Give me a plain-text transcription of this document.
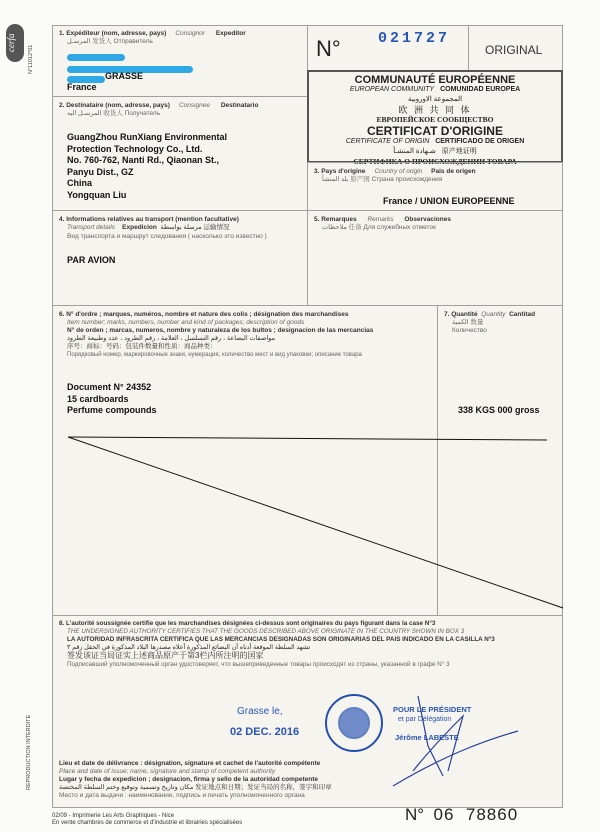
cerfa
N°11012*01
REPRODUCTION INTERDITE
1. Expéditeur (nom, adresse, pays) Consignor Expeditor
المرسـل 发货人 Отправитель
GRASSE
France
2. Destinataire (nom, adresse, pays) Consignee Destinatario
المرسـل اليه 收货人 Получатель
GuangZhou RunXiang Environmental
Protection Technology Co., Ltd.
No. 760-762, Nanti Rd., Qiaonan St.,
Panyu Dist., GZ
China
Yongquan Liu
N° 021727
ORIGINAL
COMMUNAUTÉ EUROPÉENNE
EUROPEAN COMMUNITY COMUNIDAD EUROPEA
المجموعة الاوروبية
欧 洲 共 同 体
ЕВРОПЕЙСКОЕ СООБЩЕСТВО
CERTIFICAT D'ORIGINE
CERTIFICATE OF ORIGIN CERTIFICADO DE ORIGEN
شـهادة المنشـأ 原产地证明
СЕРТИФИКА О ПРОИСХОЖДЕНИИ ТОВАРА
3. Pays d'origine Country of origin Pais de origen
بلد المنشأ 原产国 Страна происхождения
France / UNION EUROPEENNE
4. Informations relatives au transport (mention facultative)
Transport details Expedicion مرسلة بواسطة 运输情况
Вид транспорта и маршрут следования ( насколько это известно )
PAR AVION
5. Remarques Remarks Observaciones
ملاحظات 任备 Для служебных отметок
6. N° d'ordre ; marques, numéros, nombre et nature des colis ; désignation des marchandises
Item number; marks, numbers, number and kind of packages; description of goods
N° de orden ; marcas, numeros, nombre y naturaleza de los bultos ; designacion de las mercancias
مواصفات البضاعة ، رقم التسلسل ، العلامة ، رقم الطرود ، عدد وطبيعة الطرود
序号：商标：号码：包装件数量和性质：商品种类：
Порядковый номер, маркировочные знаки, нумерация, количество мест и вид упаковки; описание товара
Document N° 24352
15 cardboards
Perfume compounds
7. Quantité Quantity Cantitad
الكمية 数量
Количество
338 KGS 000 gross
8. L'autorité soussignée certifie que les marchandises désignées ci-dessus sont originaires du pays figurant dans la case N°3
THE UNDERSIGNED AUTHORITY CERTIFIES THAT THE GOODS DESCRIBED ABOVE ORIGINATE IN THE COUNTRY SHOWN IN BOX 3
LA AUTORIDAD INFRASCRITA CERTIFICA QUE LAS MERCANCIAS DESIGNADAS SON ORIGINARIAS DEL PAIS INDICADO EN LA CASILLA N°3
تشهد السلطة الموقعة أدناه أن البضائع المذكورة أعلاه مصدرها البلاد المذكورة في الحقل رقم ٣
签发该证当局证实上述商品原产于第3栏内所注明的国家
Подписавший уполномоченный орган удостоверяет, что вышеприведенные товары происходят из страны, указанной в графе N° 3
Grasse le,
02 DEC. 2016
POUR LE PRÉSIDENT
et par Délégation
Jérôme LABESTE
Lieu et date de délivrance : désignation, signature et cachet de l'autorité compétente
Place and date of issue; name, signature and stamp of competent authority
Lugar y fecha de expedicion ; designacion, firma y sello de la autoridad competente
مكان وتاريخ وتسمية وتوقيع وختم السلطة المختصة 发证地点和日期；发证当局的名称，签字和印章
Место и дата выдачи : наименование, подпись и печать уполномоченного органа
02/09 - Imprimerie Les Arts Graphiques - Nice
En vente chambres de commerce et d'industrie et librairies spécialisées	N° 06  78860
